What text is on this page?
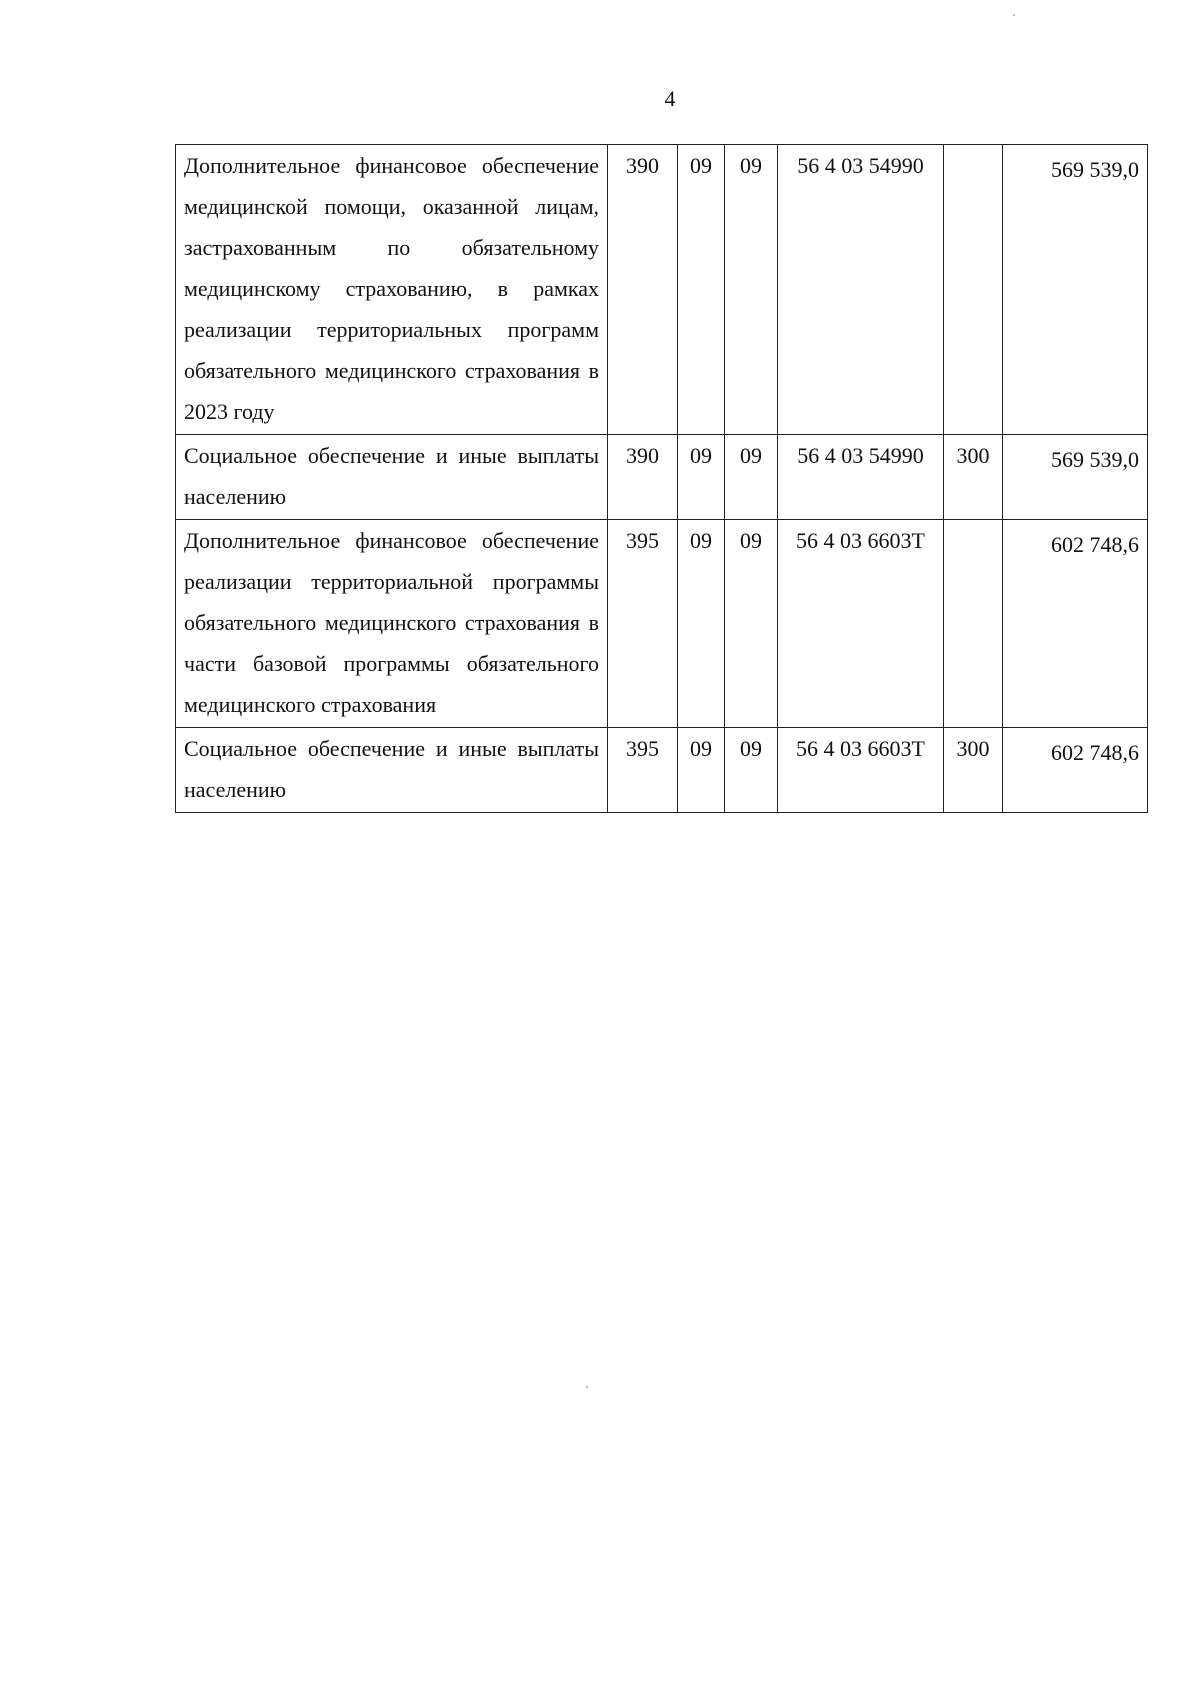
4
Дополнительное финансовое обеспечение медицинской помощи, оказанной лицам, застрахованным по обязательному медицинскому страхованию, в рамках реализации территориальных программ обязательного медицинского страхования в 2023 году	390	09	09	56 4 03 54990		569 539,0
Социальное обеспечение и иные выплаты населению	390	09	09	56 4 03 54990	300	569 539,0
Дополнительное финансовое обеспечение реализации территориальной программы обязательного медицинского страхования в части базовой программы обязательного медицинского страхования	395	09	09	56 4 03 6603Т		602 748,6
Социальное обеспечение и иные выплаты населению	395	09	09	56 4 03 6603Т	300	602 748,6
